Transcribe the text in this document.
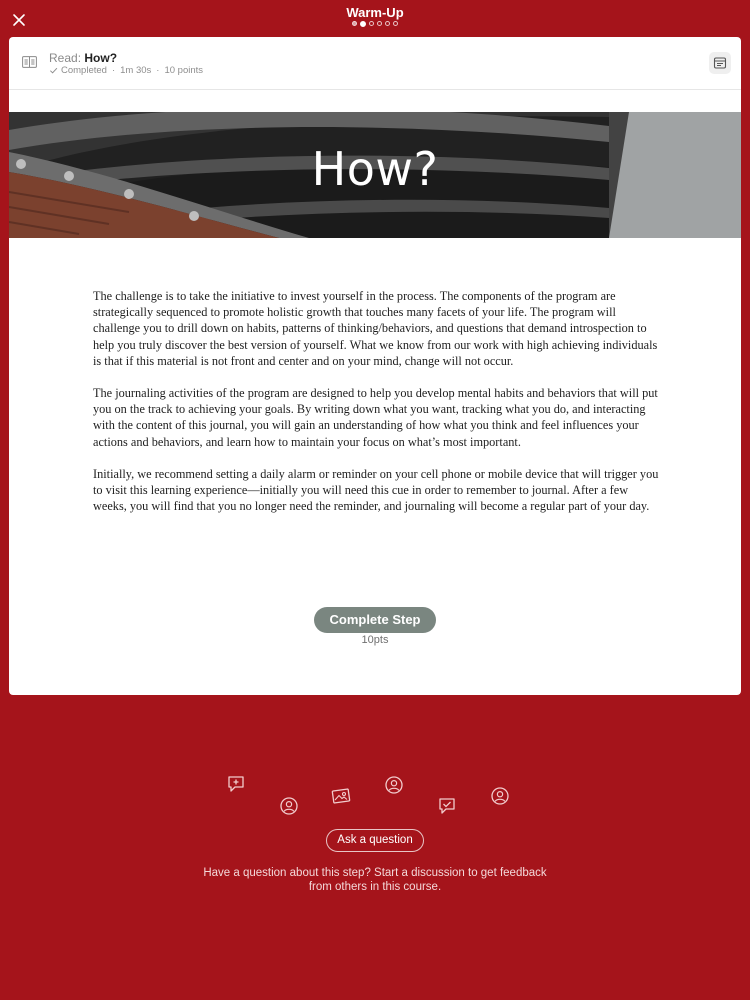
Warm-Up
Read: How?
Completed · 1m 30s · 10 points
How?

The challenge is to take the initiative to invest yourself in the process. The components of the program are strategically sequenced to promote holistic growth that touches many facets of your life. The program will challenge you to drill down on habits, patterns of thinking/behaviors, and questions that demand introspection to help you truly discover the best version of yourself. What we know from our work with high achieving individuals is that if this material is not front and center and on your mind, change will not occur.

The journaling activities of the program are designed to help you develop mental habits and behaviors that will put you on the track to achieving your goals. By writing down what you want, tracking what you do, and interacting with the content of this journal, you will gain an understanding of how what you think and feel influences your actions and behaviors, and learn how to maintain your focus on what’s most important.

Initially, we recommend setting a daily alarm or reminder on your cell phone or mobile device that will trigger you to visit this learning experience—initially you will need this cue in order to remember to journal. After a few weeks, you will find that you no longer need the reminder, and journaling will become a regular part of your day.

Complete Step
10pts
Ask a question
Have a question about this step? Start a discussion to get feedback from others in this course.
